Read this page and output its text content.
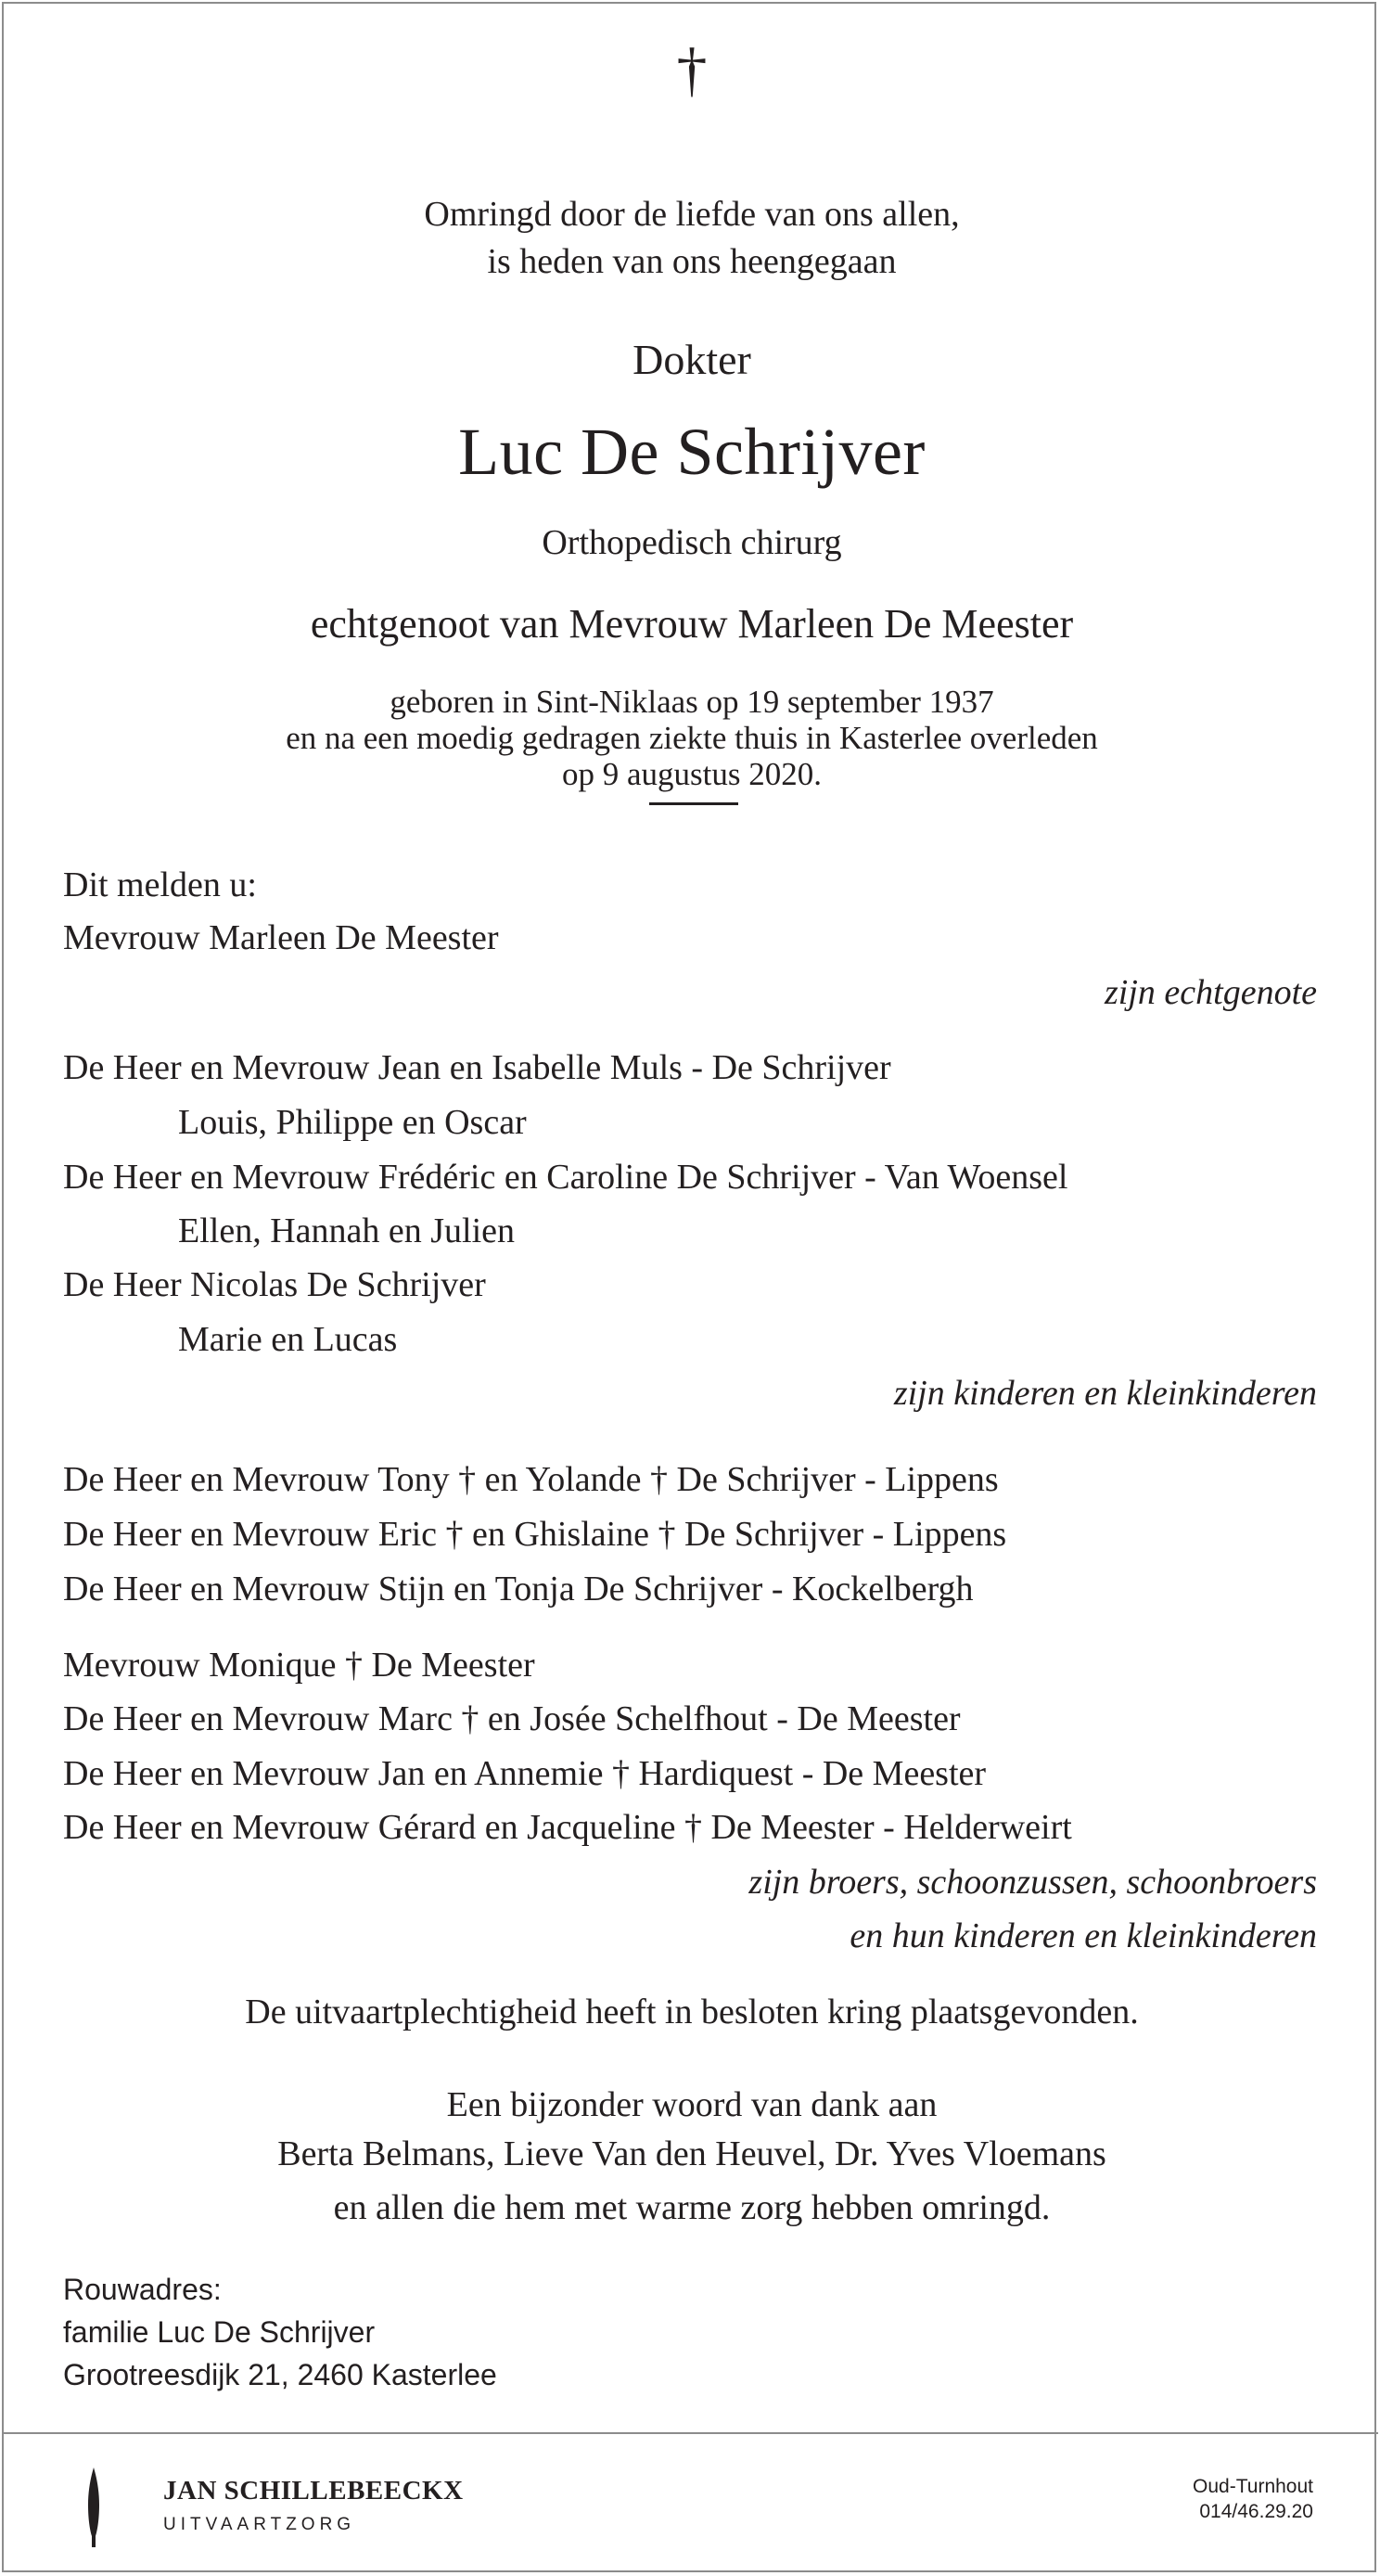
†
Omringd door de liefde van ons allen,
is heden van ons heengegaan
Dokter
Luc De Schrijver
Orthopedisch chirurg
echtgenoot van Mevrouw Marleen De Meester
geboren in Sint-Niklaas op 19 september 1937
en na een moedig gedragen ziekte thuis in Kasterlee overleden
op 9 augustus 2020.
Dit melden u:
Mevrouw Marleen De Meester
zijn echtgenote
De Heer en Mevrouw Jean en Isabelle Muls - De Schrijver
Louis, Philippe en Oscar
De Heer en Mevrouw Frédéric en Caroline De Schrijver - Van Woensel
Ellen, Hannah en Julien
De Heer Nicolas De Schrijver
Marie en Lucas
zijn kinderen en kleinkinderen
De Heer en Mevrouw Tony † en Yolande † De Schrijver - Lippens
De Heer en Mevrouw Eric † en Ghislaine † De Schrijver - Lippens
De Heer en Mevrouw Stijn en Tonja De Schrijver - Kockelbergh
Mevrouw Monique † De Meester
De Heer en Mevrouw Marc † en Josée Schelfhout - De Meester
De Heer en Mevrouw Jan en Annemie † Hardiquest - De Meester
De Heer en Mevrouw Gérard en Jacqueline † De Meester - Helderweirt
zijn broers, schoonzussen, schoonbroers
en hun kinderen en kleinkinderen
De uitvaartplechtigheid heeft in besloten kring plaatsgevonden.
Een bijzonder woord van dank aan
Berta Belmans, Lieve Van den Heuvel, Dr. Yves Vloemans
en allen die hem met warme zorg hebben omringd.
Rouwadres:
familie Luc De Schrijver
Grootreesdijk 21, 2460 Kasterlee
JAN SCHILLEBEECKX
UITVAARTZORG
Oud-Turnhout
014/46.29.20
